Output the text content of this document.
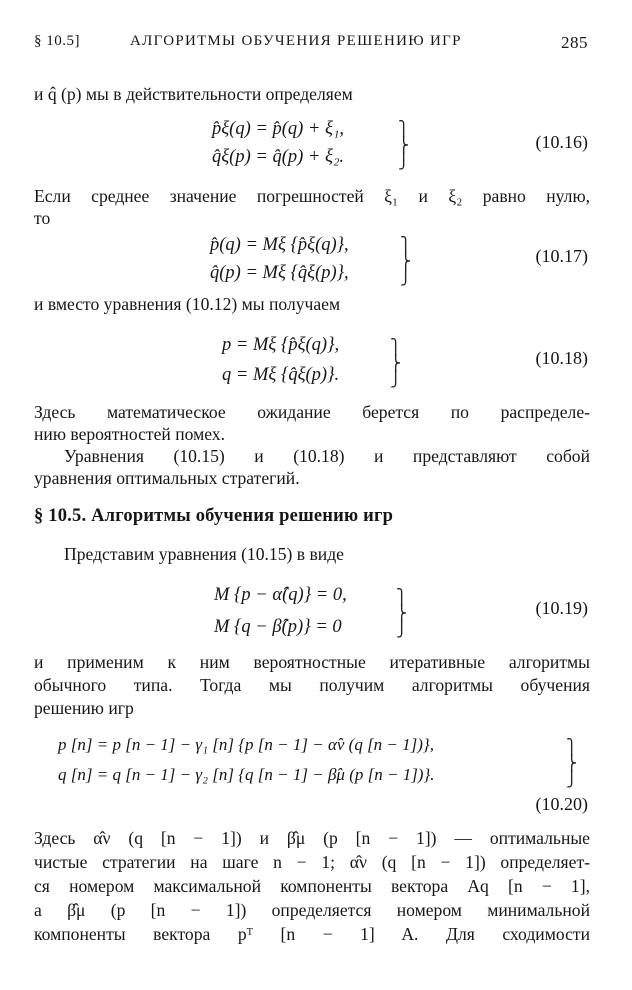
§ 10.5]	АЛГОРИТМЫ ОБУЧЕНИЯ РЕШЕНИЮ ИГР	285
и q̂ (p) мы в действительности определяем
p̂ξ(q) = p̂(q) + ξ₁,
q̂ξ(p) = q̂(p) + ξ₂.
⎫
⎬
⎭
(10.16)
Если среднее значение погрешностей ξ₁ и ξ₂ равно нулю,
то
p̂(q) = Mξ {p̂ξ(q)},
q̂(p) = Mξ {q̂ξ(p)},
⎫
⎬
⎭
(10.17)
и вместо уравнения (10.12) мы получаем
p = Mξ {p̂ξ(q)},
q = Mξ {q̂ξ(p)}.
⎫
⎬
⎭
(10.18)
Здесь математическое ожидание берется по распределе-
нию вероятностей помех.
Уравнения (10.15) и (10.18) и представляют собой
уравнения оптимальных стратегий.
§ 10.5. Алгоритмы обучения решению игр
Представим уравнения (10.15) в виде
M {p − α̂(q)} = 0,
M {q − β̂(p)} = 0
⎫
⎬
⎭
(10.19)
и применим к ним вероятностные итеративные алгоритмы
обычного типа. Тогда мы получим алгоритмы обучения
решению игр
p [n] = p [n − 1] − γ₁ [n] {p [n − 1] − α̂ν (q [n − 1])},
q [n] = q [n − 1] − γ₂ [n] {q [n − 1] − β̂μ (p [n − 1])}.
⎫
⎬
⎭
(10.20)
Здесь α̂ν (q [n − 1]) и β̂μ (p [n − 1]) — оптимальные
чистые стратегии на шаге n − 1; α̂ν (q [n − 1]) определяет-
ся номером максимальной компоненты вектора Aq [n − 1],
а β̂μ (p [n − 1]) определяется номером минимальной
компоненты вектора pᵀ [n − 1] A. Для сходимости
